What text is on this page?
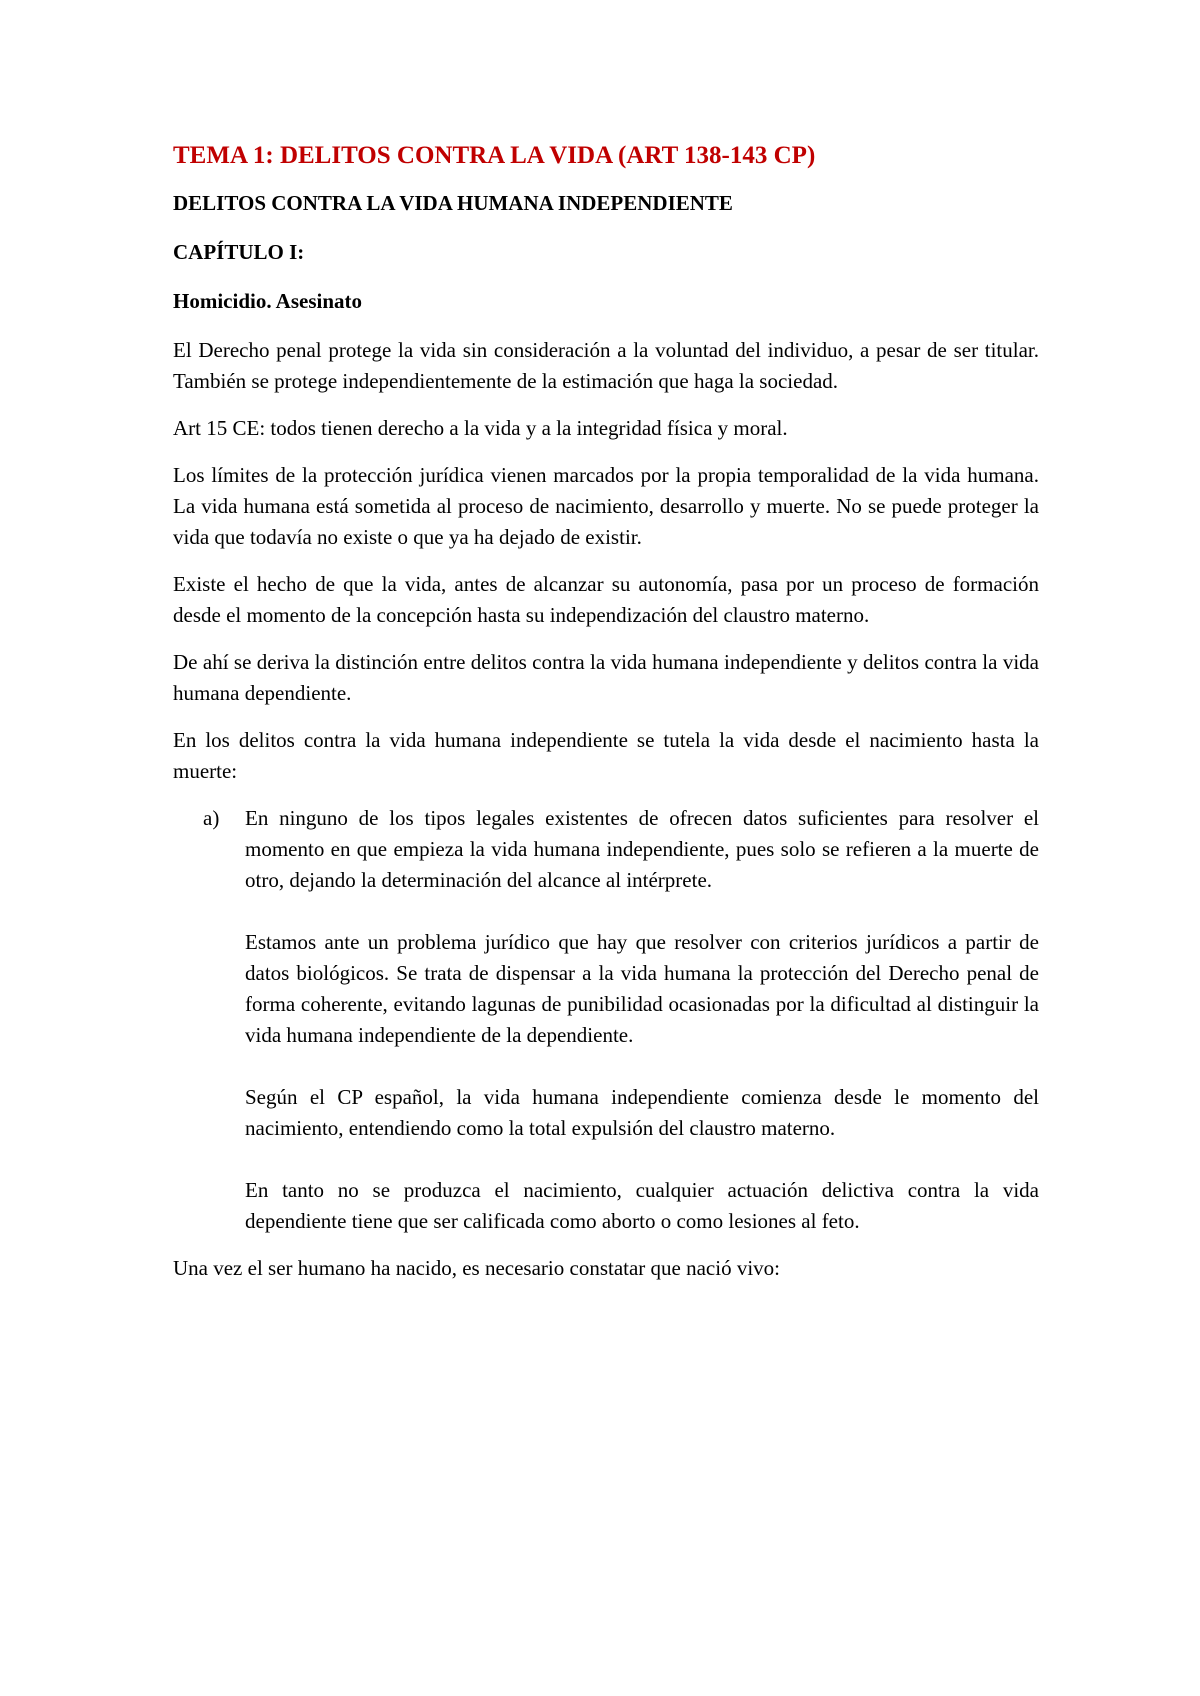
TEMA 1: DELITOS CONTRA LA VIDA (ART 138-143 CP)
DELITOS CONTRA LA VIDA HUMANA INDEPENDIENTE
CAPÍTULO I:
Homicidio. Asesinato

El Derecho penal protege la vida sin consideración a la voluntad del individuo, a pesar de ser titular. También se protege independientemente de la estimación que haga la sociedad.

Art 15 CE: todos tienen derecho a la vida y a la integridad física y moral.

Los límites de la protección jurídica vienen marcados por la propia temporalidad de la vida humana. La vida humana está sometida al proceso de nacimiento, desarrollo y muerte. No se puede proteger la vida que todavía no existe o que ya ha dejado de existir.

Existe el hecho de que la vida, antes de alcanzar su autonomía, pasa por un proceso de formación desde el momento de la concepción hasta su independización del claustro materno.

De ahí se deriva la distinción entre delitos contra la vida humana independiente y delitos contra la vida humana dependiente.

En los delitos contra la vida humana independiente se tutela la vida desde el nacimiento hasta la muerte:

a) En ninguno de los tipos legales existentes de ofrecen datos suficientes para resolver el momento en que empieza la vida humana independiente, pues solo se refieren a la muerte de otro, dejando la determinación del alcance al intérprete.

Estamos ante un problema jurídico que hay que resolver con criterios jurídicos a partir de datos biológicos. Se trata de dispensar a la vida humana la protección del Derecho penal de forma coherente, evitando lagunas de punibilidad ocasionadas por la dificultad al distinguir la vida humana independiente de la dependiente.

Según el CP español, la vida humana independiente comienza desde le momento del nacimiento, entendiendo como la total expulsión del claustro materno.

En tanto no se produzca el nacimiento, cualquier actuación delictiva contra la vida dependiente tiene que ser calificada como aborto o como lesiones al feto.

Una vez el ser humano ha nacido, es necesario constatar que nació vivo:
